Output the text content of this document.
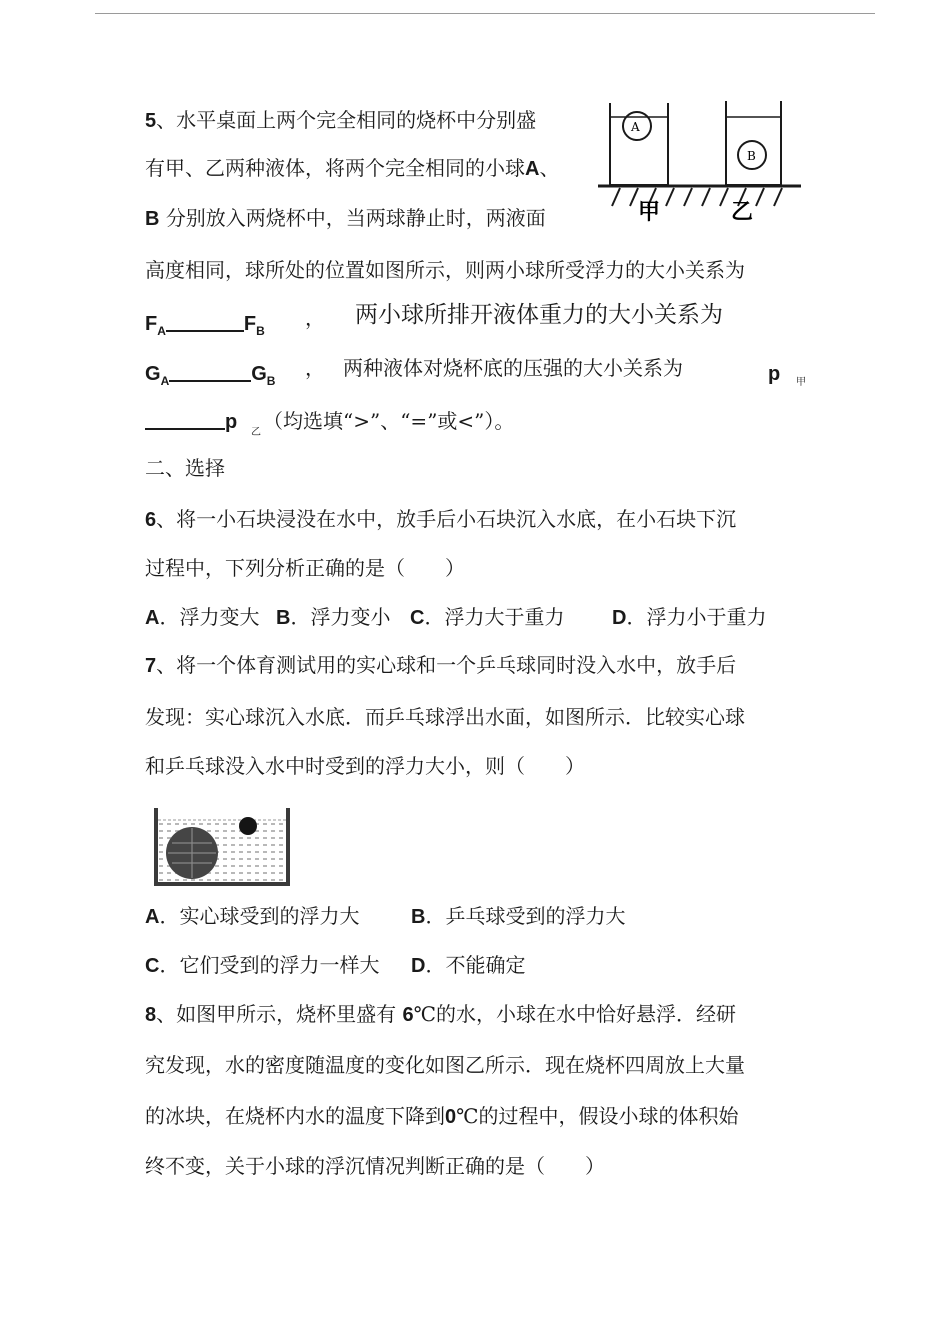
5、水平桌面上两个完全相同的烧杯中分别盛
有甲、乙两种液体，将两个完全相同的小球A、
B 分别放入两烧杯中，当两球静止时，两液面
高度相同，球所处的位置如图所示，则两小球所受浮力的大小关系为
$F_A$	$F_B$
， 两小球所排开液体重力的大小关系为
$G_A$	$G_B$
， 两种液体对烧杯底的压强的大小关系为	p 甲
p 乙 （均选填“>”、“=”或<”）。
A
B
甲	乙
二、选择
6、将一小石块浸没在水中，放手后小石块沉入水底，在小石块下沉
过程中，下列分析正确的是（　　）
A．浮力变大 B．浮力变小 C．浮力大于重力 D．浮力小于重力
7、将一个体育测试用的实心球和一个乒乓球同时没入水中，放手后
发现：实心球沉入水底．而乒乓球浮出水面，如图所示．比较实心球
和乒乓球没入水中时受到的浮力大小，则（　　）
A．实心球受到的浮力大	B．乒乓球受到的浮力大
C．它们受到的浮力一样大 D．不能确定
8、如图甲所示，烧杯里盛有 6℃的水，小球在水中恰好悬浮．经研
究发现，水的密度随温度的变化如图乙所示．现在烧杯四周放上大量
的冰块，在烧杯内水的温度下降到0℃的过程中，假设小球的体积始
终不变，关于小球的浮沉情况判断正确的是（　　）
